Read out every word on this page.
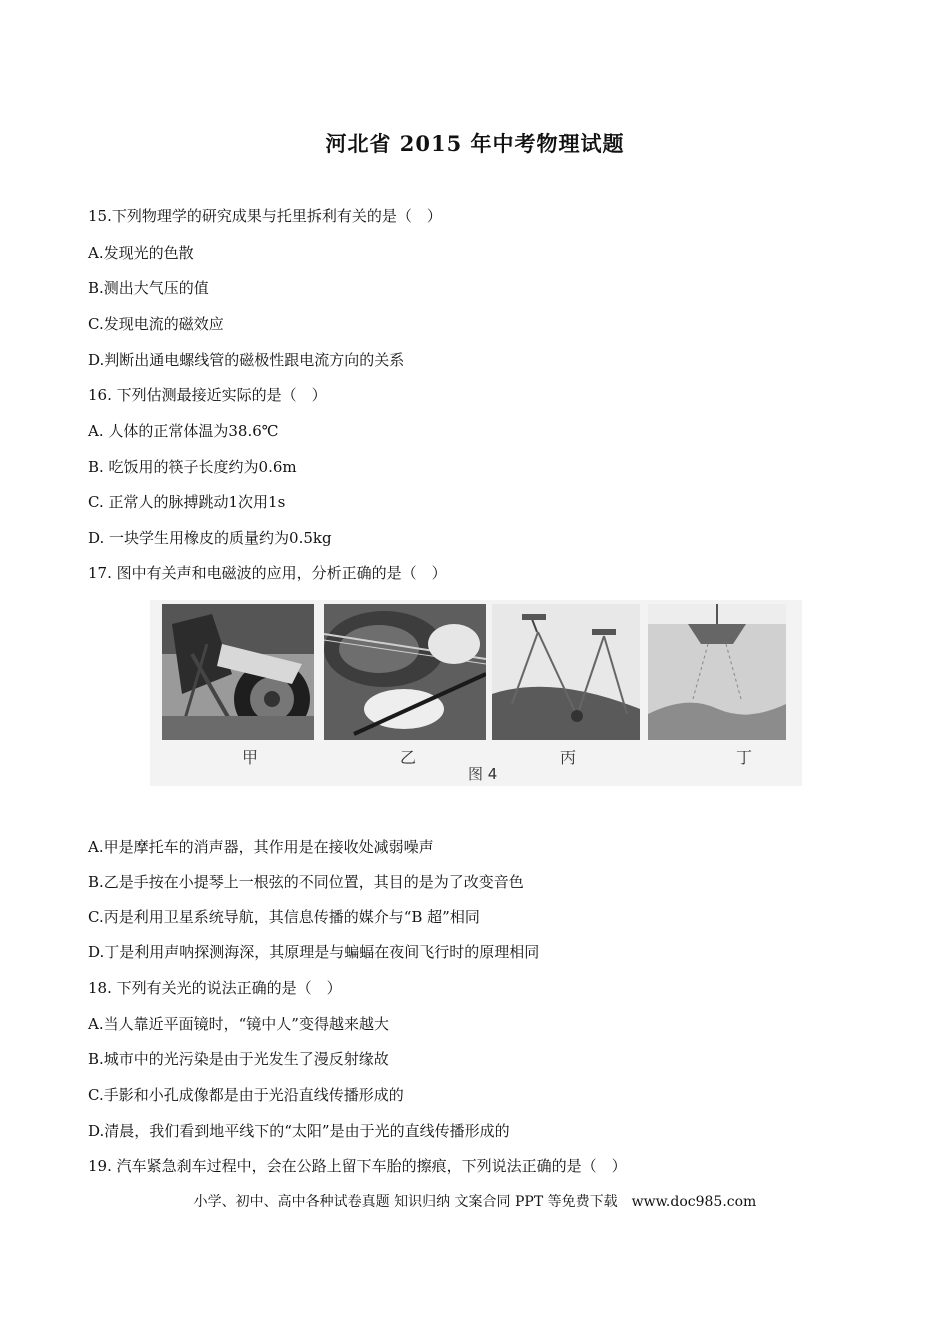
河北省 2015 年中考物理试题
15.下列物理学的研究成果与托里拆利有关的是（　）
A.发现光的色散
B.测出大气压的值
C.发现电流的磁效应
D.判断出通电螺线管的磁极性跟电流方向的关系
16. 下列估测最接近实际的是（　）
A. 人体的正常体温为38.6℃
B. 吃饭用的筷子长度约为0.6m
C. 正常人的脉搏跳动1次用1s
D. 一块学生用橡皮的质量约为0.5kg
17. 图中有关声和电磁波的应用，分析正确的是（　）
甲	乙	丙	丁
图 4
A.甲是摩托车的消声器，其作用是在接收处减弱噪声
B.乙是手按在小提琴上一根弦的不同位置，其目的是为了改变音色
C.丙是利用卫星系统导航，其信息传播的媒介与“B 超”相同
D.丁是利用声呐探测海深，其原理是与蝙蝠在夜间飞行时的原理相同
18. 下列有关光的说法正确的是（　）
A.当人靠近平面镜时，“镜中人”变得越来越大
B.城市中的光污染是由于光发生了漫反射缘故
C.手影和小孔成像都是由于光沿直线传播形成的
D.清晨，我们看到地平线下的“太阳”是由于光的直线传播形成的
19. 汽车紧急刹车过程中，会在公路上留下车胎的擦痕，下列说法正确的是（　）
小学、初中、高中各种试卷真题 知识归纳 文案合同 PPT 等免费下载　www.doc985.com
